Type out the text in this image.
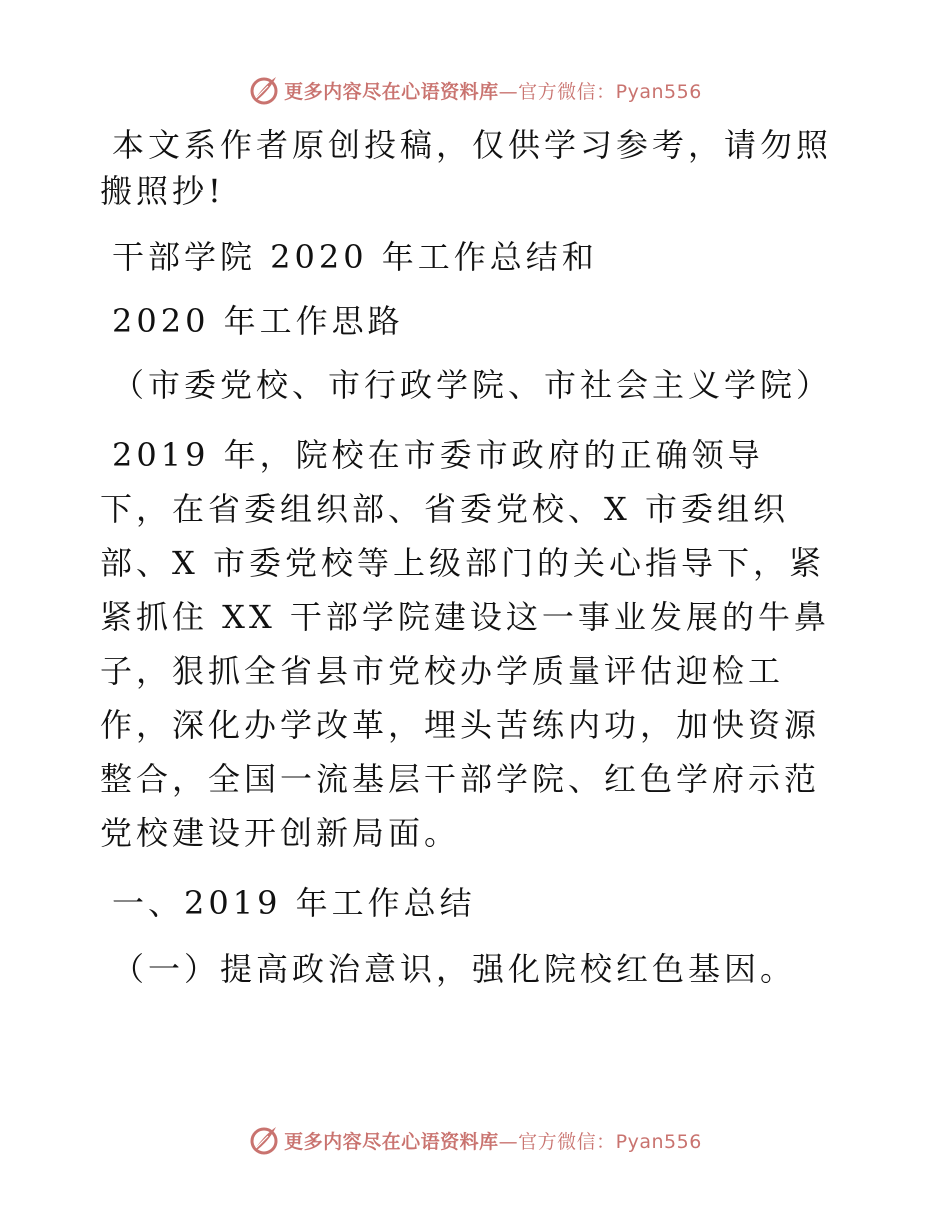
更多内容尽在心语资料库—官方微信：Pyan556

本文系作者原创投稿，仅供学习参考，请勿照搬照抄!

干部学院 2020 年工作总结和

2020 年工作思路

（市委党校、市行政学院、市社会主义学院）

2019 年，院校在市委市政府的正确领导下，在省委组织部、省委党校、X 市委组织部、X 市委党校等上级部门的关心指导下，紧紧抓住 XX 干部学院建设这一事业发展的牛鼻子，狠抓全省县市党校办学质量评估迎检工作，深化办学改革，埋头苦练内功，加快资源整合，全国一流基层干部学院、红色学府示范党校建设开创新局面。

一、2019 年工作总结

（一）提高政治意识，强化院校红色基因。

更多内容尽在心语资料库—官方微信：Pyan556
